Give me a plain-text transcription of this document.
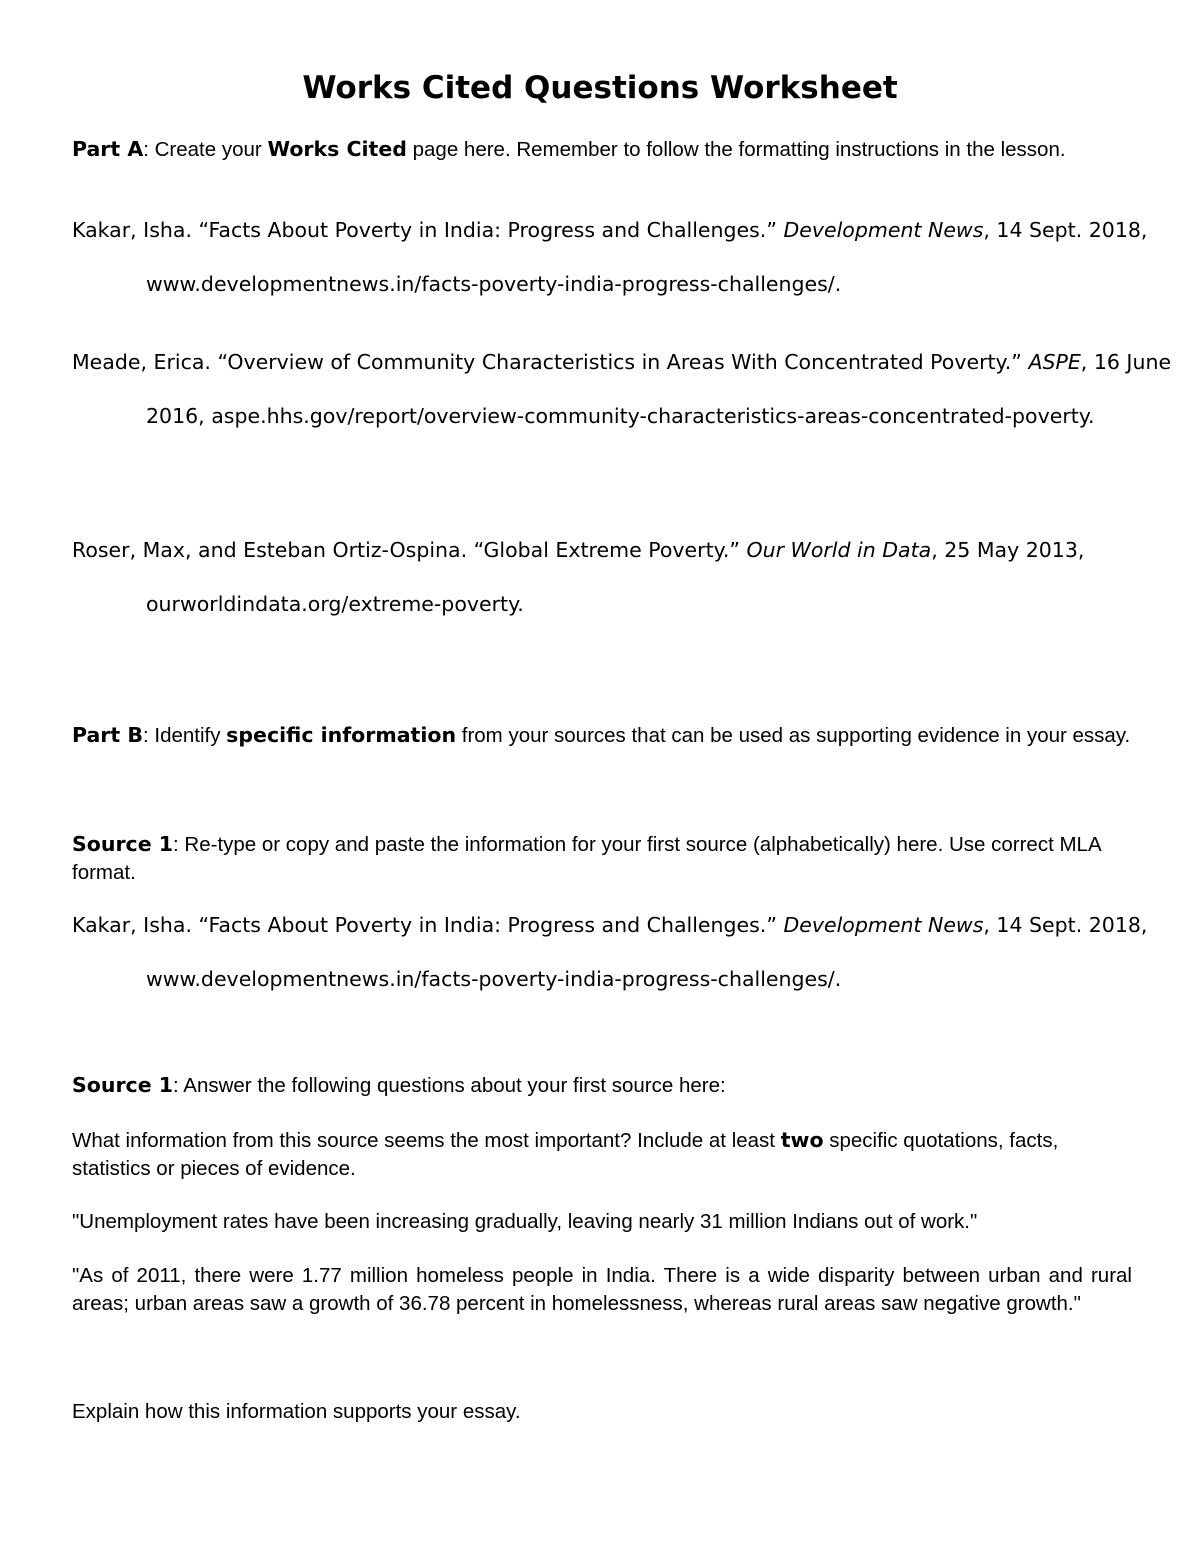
Works Cited Questions Worksheet

Part A: Create your Works Cited page here. Remember to follow the formatting instructions in the lesson.

Kakar, Isha. “Facts About Poverty in India: Progress and Challenges.” Development News, 14 Sept. 2018, www.developmentnews.in/facts-poverty-india-progress-challenges/.

Meade, Erica. “Overview of Community Characteristics in Areas With Concentrated Poverty.” ASPE, 16 June 2016, aspe.hhs.gov/report/overview-community-characteristics-areas-concentrated-poverty.

Roser, Max, and Esteban Ortiz-Ospina. “Global Extreme Poverty.” Our World in Data, 25 May 2013, ourworldindata.org/extreme-poverty.

Part B: Identify specific information from your sources that can be used as supporting evidence in your essay.

Source 1: Re-type or copy and paste the information for your first source (alphabetically) here. Use correct MLA format.

Kakar, Isha. “Facts About Poverty in India: Progress and Challenges.” Development News, 14 Sept. 2018, www.developmentnews.in/facts-poverty-india-progress-challenges/.

Source 1: Answer the following questions about your first source here:

What information from this source seems the most important? Include at least two specific quotations, facts, statistics or pieces of evidence.

"Unemployment rates have been increasing gradually, leaving nearly 31 million Indians out of work."

"As of 2011, there were 1.77 million homeless people in India. There is a wide disparity between urban and rural areas; urban areas saw a growth of 36.78 percent in homelessness, whereas rural areas saw negative growth."

Explain how this information supports your essay.
